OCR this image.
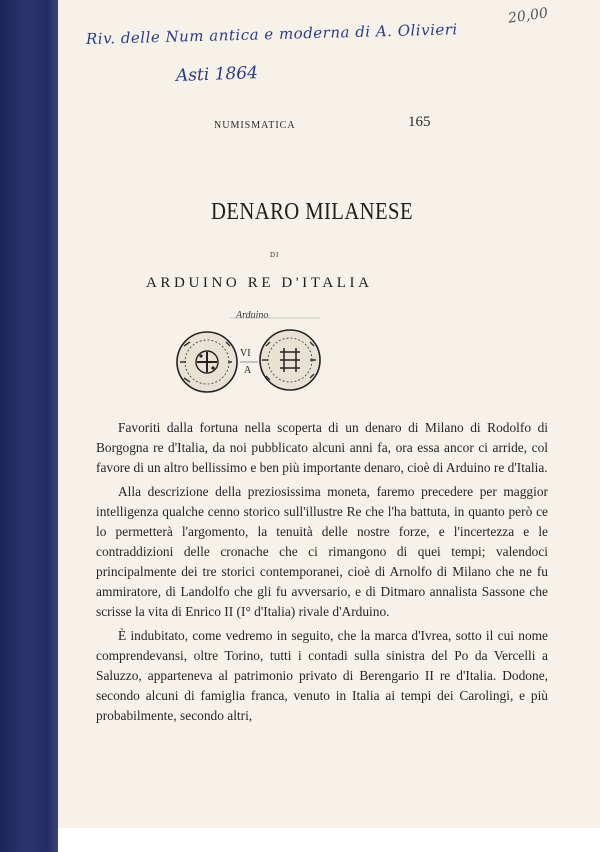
Riv. delle Num antica e moderna di A. Olivieri
Asti 1864
20,00
NUMISMATICA	165
DENARO MILANESE
DI
ARDUINO RE D'ITALIA
Arduino
VI
A

Favoriti dalla fortuna nella scoperta di un denaro di Milano di Rodolfo di Borgogna re d'Italia, da noi pubblicato alcuni anni fa, ora essa ancor ci arride, col favore di un altro bellissimo e ben più importante denaro, cioè di Arduino re d'Italia.

Alla descrizione della preziosissima moneta, faremo precedere per maggior intelligenza qualche cenno storico sull'illustre Re che l'ha battuta, in quanto però ce lo permetterà l'argomento, la tenuità delle nostre forze, e l'incertezza e le contraddizioni delle cronache che ci rimangono di quei tempi; valendoci principalmente dei tre storici contemporanei, cioè di Arnolfo di Milano che ne fu ammiratore, di Landolfo che gli fu avversario, e di Ditmaro annalista Sassone che scrisse la vita di Enrico II (I° d'Italia) rivale d'Arduino.

È indubitato, come vedremo in seguito, che la marca d'Ivrea, sotto il cui nome comprendevansi, oltre Torino, tutti i contadi sulla sinistra del Po da Vercelli a Saluzzo, apparteneva al patrimonio privato di Berengario II re d'Italia. Dodone, secondo alcuni di famiglia franca, venuto in Italia ai tempi dei Carolingi, e più probabilmente, secondo altri,
